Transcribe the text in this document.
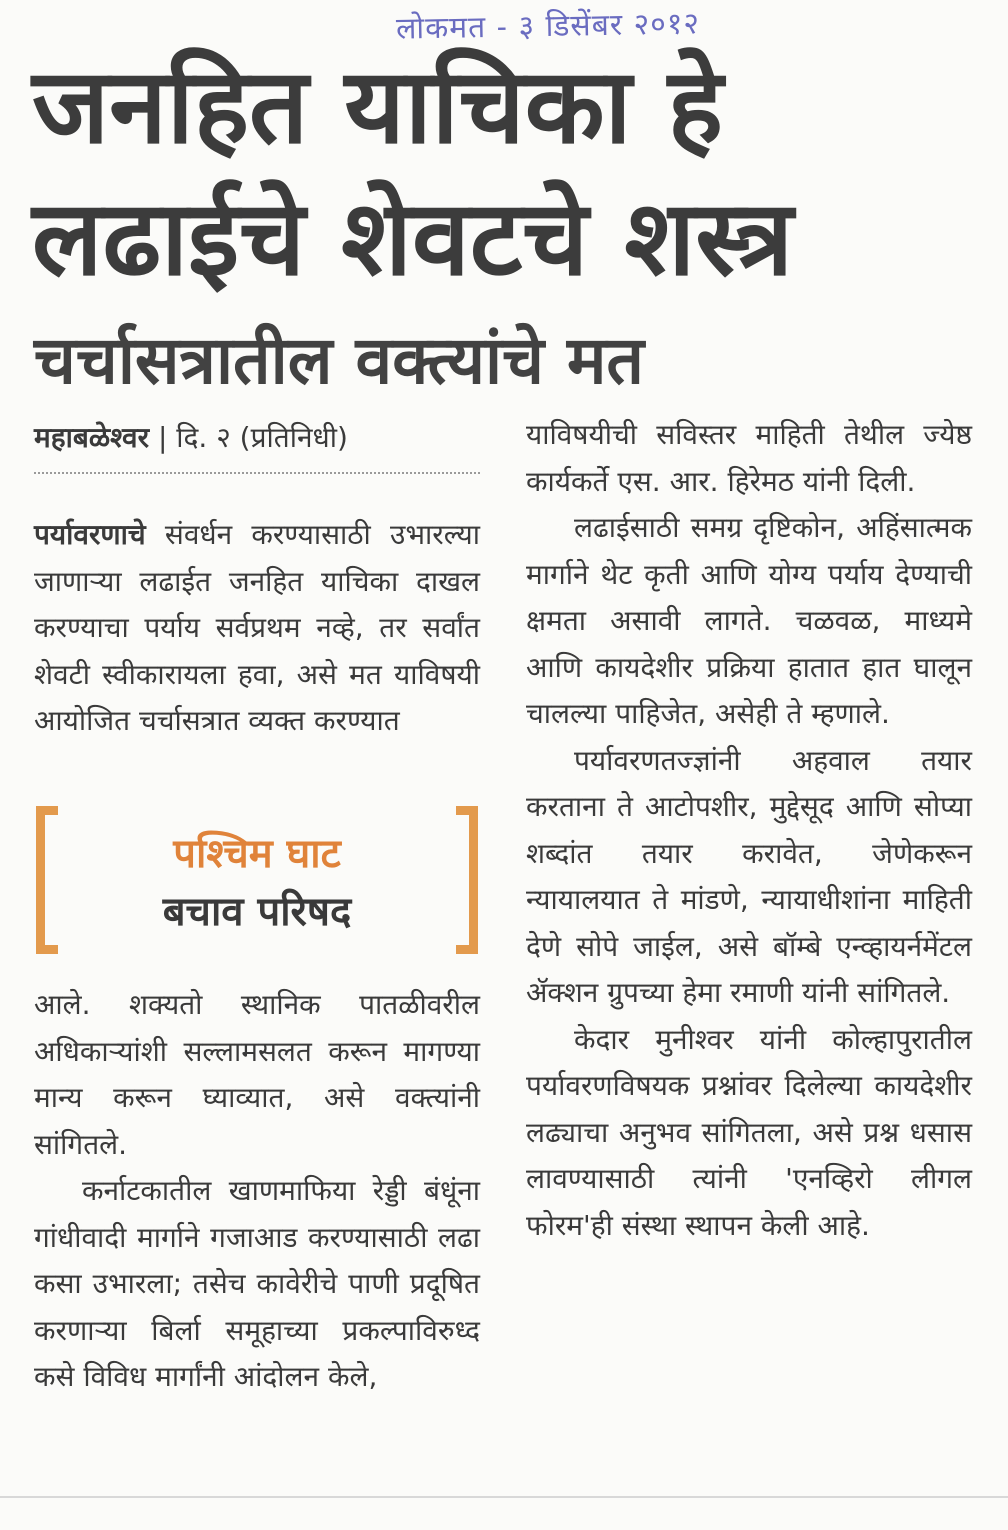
लोकमत - ३ डिसेंबर २०१२
जनहित याचिका हे
लढाईचे शेवटचे शस्त्र
चर्चासत्रातील वक्त्यांचे मत
महाबळेश्वर | दि. २ (प्रतिनिधी)

पर्यावरणाचे संवर्धन करण्यासाठी उभारल्या जाणाऱ्या लढाईत जनहित याचिका दाखल करण्याचा पर्याय सर्वप्रथम नव्हे, तर सर्वांत शेवटी स्वीकारायला हवा, असे मत याविषयी आयोजित चर्चासत्रात व्यक्त करण्यात

पश्चिम घाट
बचाव परिषद

आले. शक्यतो स्थानिक पातळीवरील अधिकाऱ्यांशी सल्लामसलत करून मागण्या मान्य करून घ्याव्यात, असे वक्त्यांनी सांगितले.

कर्नाटकातील खाणमाफिया रेड्डी बंधूंना गांधीवादी मार्गाने गजाआड करण्यासाठी लढा कसा उभारला; तसेच कावेरीचे पाणी प्रदूषित करणाऱ्या बिर्ला समूहाच्या प्रकल्पाविरुध्द कसे विविध मार्गांनी आंदोलन केले,

याविषयीची सविस्तर माहिती तेथील ज्येष्ठ कार्यकर्ते एस. आर. हिरेमठ यांनी दिली.

लढाईसाठी समग्र दृष्टिकोन, अहिंसात्मक मार्गाने थेट कृती आणि योग्य पर्याय देण्याची क्षमता असावी लागते. चळवळ, माध्यमे आणि कायदेशीर प्रक्रिया हातात हात घालून चालल्या पाहिजेत, असेही ते म्हणाले.

पर्यावरणतज्ज्ञांनी अहवाल तयार करताना ते आटोपशीर, मुद्देसूद आणि सोप्या शब्दांत तयार करावेत, जेणेकरून न्यायालयात ते मांडणे, न्यायाधीशांना माहिती देणे सोपे जाईल, असे बॉम्बे एन्व्हायर्नमेंटल ॲक्शन ग्रुपच्या हेमा रमाणी यांनी सांगितले.

केदार मुनीश्वर यांनी कोल्हापुरातील पर्यावरणविषयक प्रश्नांवर दिलेल्या कायदेशीर लढ्याचा अनुभव सांगितला, असे प्रश्न धसास लावण्यासाठी त्यांनी 'एनव्हिरो लीगल फोरम'ही संस्था स्थापन केली आहे.
